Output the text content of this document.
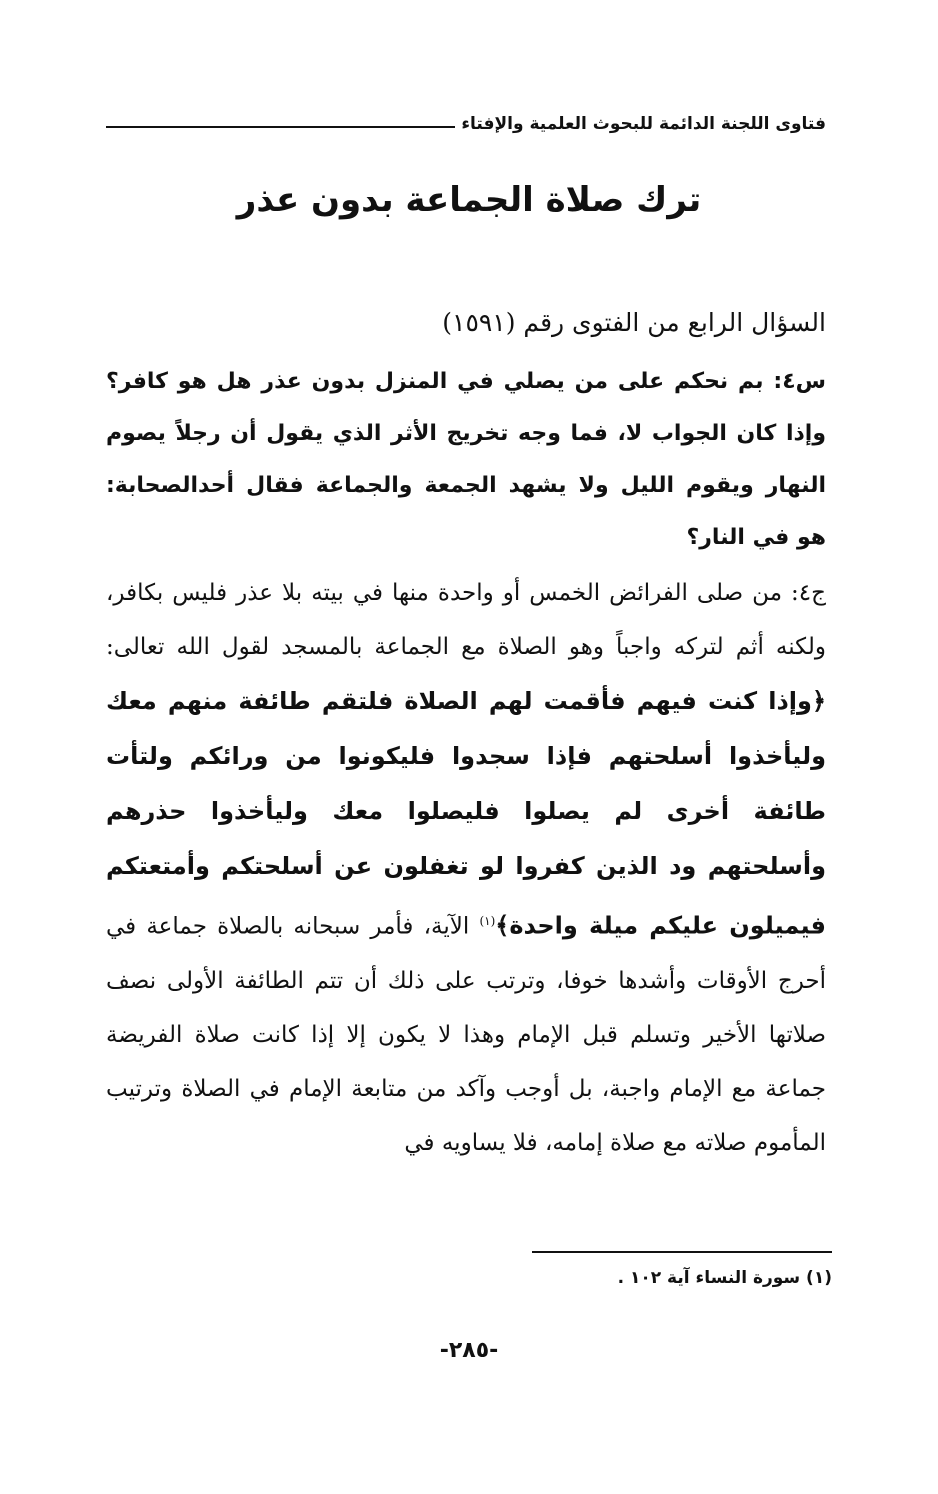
فتاوى اللجنة الدائمة للبحوث العلمية والإفتاء
ترك صلاة الجماعة بدون عذر
السؤال الرابع من الفتوى رقم (١٥٩١)
س٤: بم نحكم على من يصلي في المنزل بدون عذر هل هو كافر؟ وإذا كان الجواب لا، فما وجه تخريج الأثر الذي يقول أن رجلاً يصوم النهار ويقوم الليل ولا يشهد الجمعة والجماعة فقال أحدالصحابة: هو في النار؟
ج٤: من صلى الفرائض الخمس أو واحدة منها في بيته بلا عذر فليس بكافر، ولكنه أثم لتركه واجباً وهو الصلاة مع الجماعة بالمسجد لقول الله تعالى: ﴿وإذا كنت فيهم فأقمت لهم الصلاة فلتقم طائفة منهم معك وليأخذوا أسلحتهم فإذا سجدوا فليكونوا من ورائكم ولتأت طائفة أخرى لم يصلوا فليصلوا معك وليأخذوا حذرهم وأسلحتهم ود الذين كفروا لو تغفلون عن أسلحتكم وأمتعتكم فيميلون عليكم ميلة واحدة﴾$^{(١)}$ الآية، فأمر سبحانه بالصلاة جماعة في أحرج الأوقات وأشدها خوفا، وترتب على ذلك أن تتم الطائفة الأولى نصف صلاتها الأخير وتسلم قبل الإمام وهذا لا يكون إلا إذا كانت صلاة الفريضة جماعة مع الإمام واجبة، بل أوجب وآكد من متابعة الإمام في الصلاة وترتيب المأموم صلاته مع صلاة إمامه، فلا يساويه في
(١) سورة النساء آية ١٠٢ .
-٢٨٥-
